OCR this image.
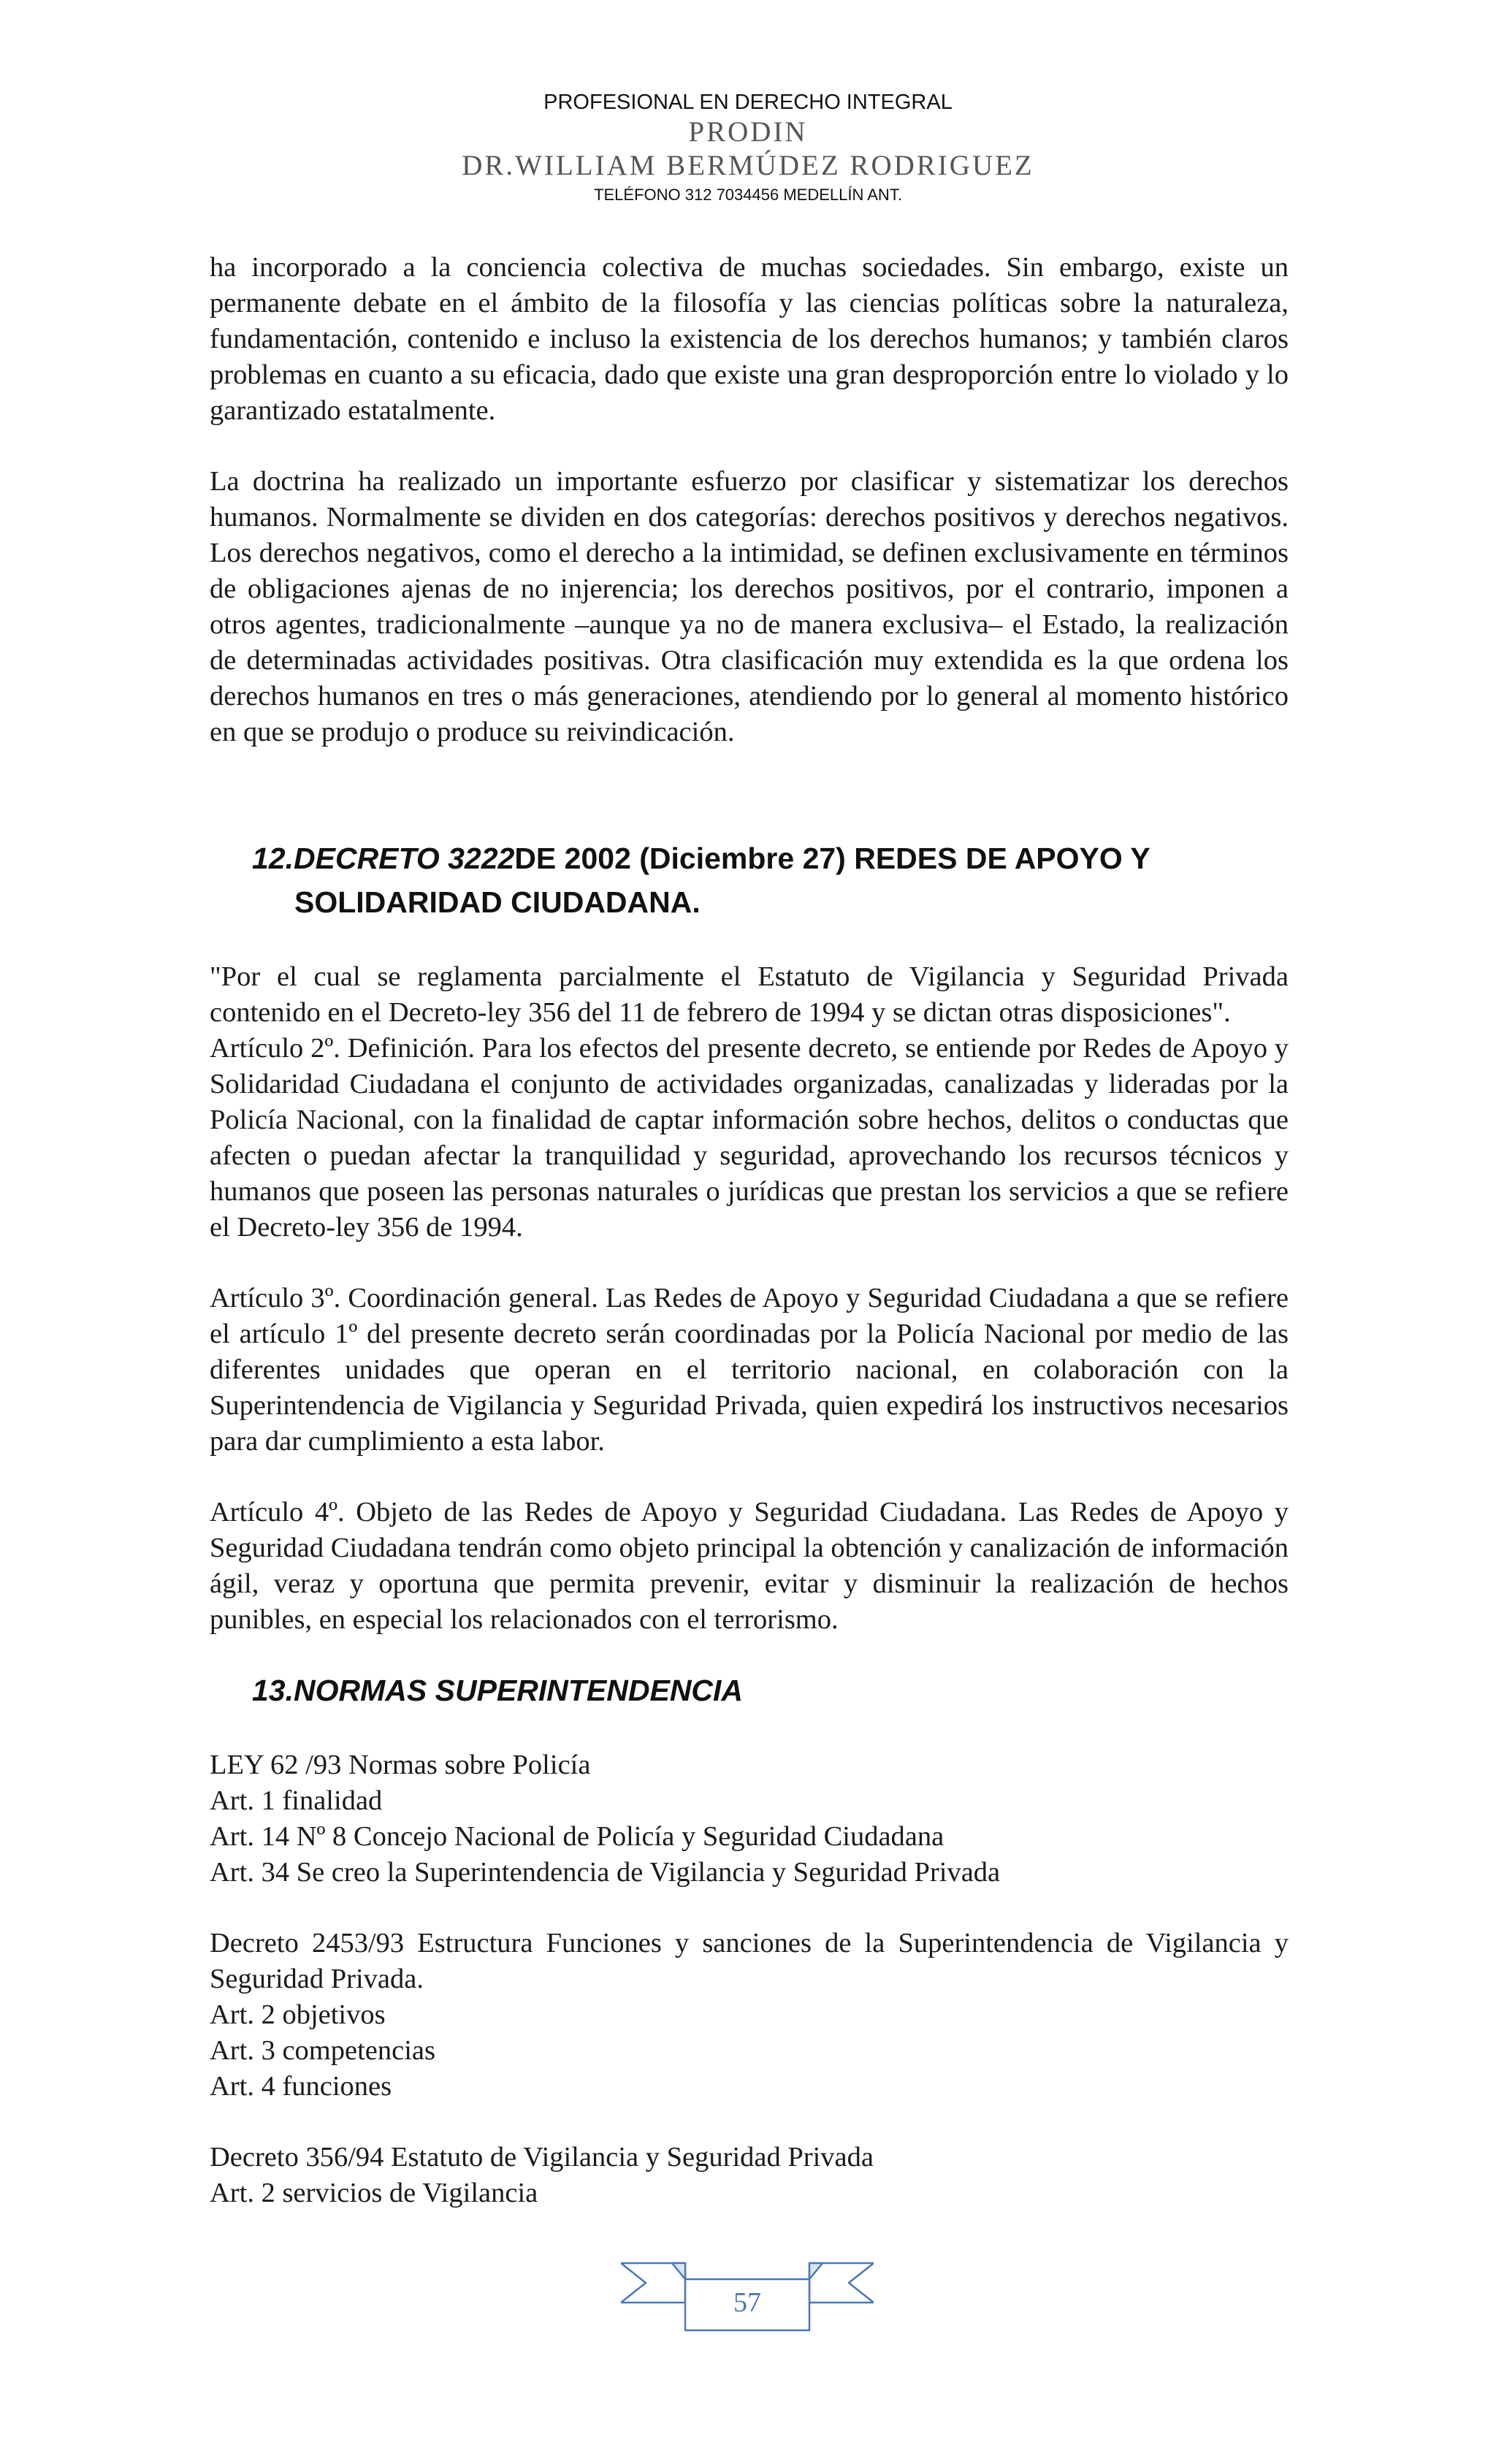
PROFESIONAL EN DERECHO INTEGRAL
PRODIN
DR.WILLIAM BERMÚDEZ RODRIGUEZ
TELÉFONO 312 7034456 MEDELLÍN ANT.

ha incorporado a la conciencia colectiva de muchas sociedades. Sin embargo, existe un permanente debate en el ámbito de la filosofía y las ciencias políticas sobre la naturaleza, fundamentación, contenido e incluso la existencia de los derechos humanos; y también claros problemas en cuanto a su eficacia, dado que existe una gran desproporción entre lo violado y lo garantizado estatalmente.

La doctrina ha realizado un importante esfuerzo por clasificar y sistematizar los derechos humanos. Normalmente se dividen en dos categorías: derechos positivos y derechos negativos. Los derechos negativos, como el derecho a la intimidad, se definen exclusivamente en términos de obligaciones ajenas de no injerencia; los derechos positivos, por el contrario, imponen a otros agentes, tradicionalmente –aunque ya no de manera exclusiva– el Estado, la realización de determinadas actividades positivas. Otra clasificación muy extendida es la que ordena los derechos humanos en tres o más generaciones, atendiendo por lo general al momento histórico en que se produjo o produce su reivindicación.

12.DECRETO 3222DE 2002 (Diciembre 27) REDES DE APOYO Y
SOLIDARIDAD CIUDADANA.

"Por el cual se reglamenta parcialmente el Estatuto de Vigilancia y Seguridad Privada contenido en el Decreto-ley 356 del 11 de febrero de 1994 y se dictan otras disposiciones".

Artículo 2º. Definición. Para los efectos del presente decreto, se entiende por Redes de Apoyo y Solidaridad Ciudadana el conjunto de actividades organizadas, canalizadas y lideradas por la Policía Nacional, con la finalidad de captar información sobre hechos, delitos o conductas que afecten o puedan afectar la tranquilidad y seguridad, aprovechando los recursos técnicos y humanos que poseen las personas naturales o jurídicas que prestan los servicios a que se refiere el Decreto-ley 356 de 1994.

Artículo 3º. Coordinación general. Las Redes de Apoyo y Seguridad Ciudadana a que se refiere el artículo 1º del presente decreto serán coordinadas por la Policía Nacional por medio de las diferentes unidades que operan en el territorio nacional, en colaboración con la Superintendencia de Vigilancia y Seguridad Privada, quien expedirá los instructivos necesarios para dar cumplimiento a esta labor.

Artículo 4º. Objeto de las Redes de Apoyo y Seguridad Ciudadana. Las Redes de Apoyo y Seguridad Ciudadana tendrán como objeto principal la obtención y canalización de información ágil, veraz y oportuna que permita prevenir, evitar y disminuir la realización de hechos punibles, en especial los relacionados con el terrorismo.

13.NORMAS SUPERINTENDENCIA

LEY 62 /93 Normas sobre Policía

Art. 1 finalidad

Art. 14 Nº 8 Concejo Nacional de Policía y Seguridad Ciudadana

Art. 34 Se creo la Superintendencia de Vigilancia y Seguridad Privada

Decreto 2453/93 Estructura Funciones y sanciones de la Superintendencia de Vigilancia y Seguridad Privada.

Art. 2 objetivos

Art. 3 competencias

Art. 4 funciones

Decreto 356/94 Estatuto de Vigilancia y Seguridad Privada

Art. 2 servicios de Vigilancia

57
